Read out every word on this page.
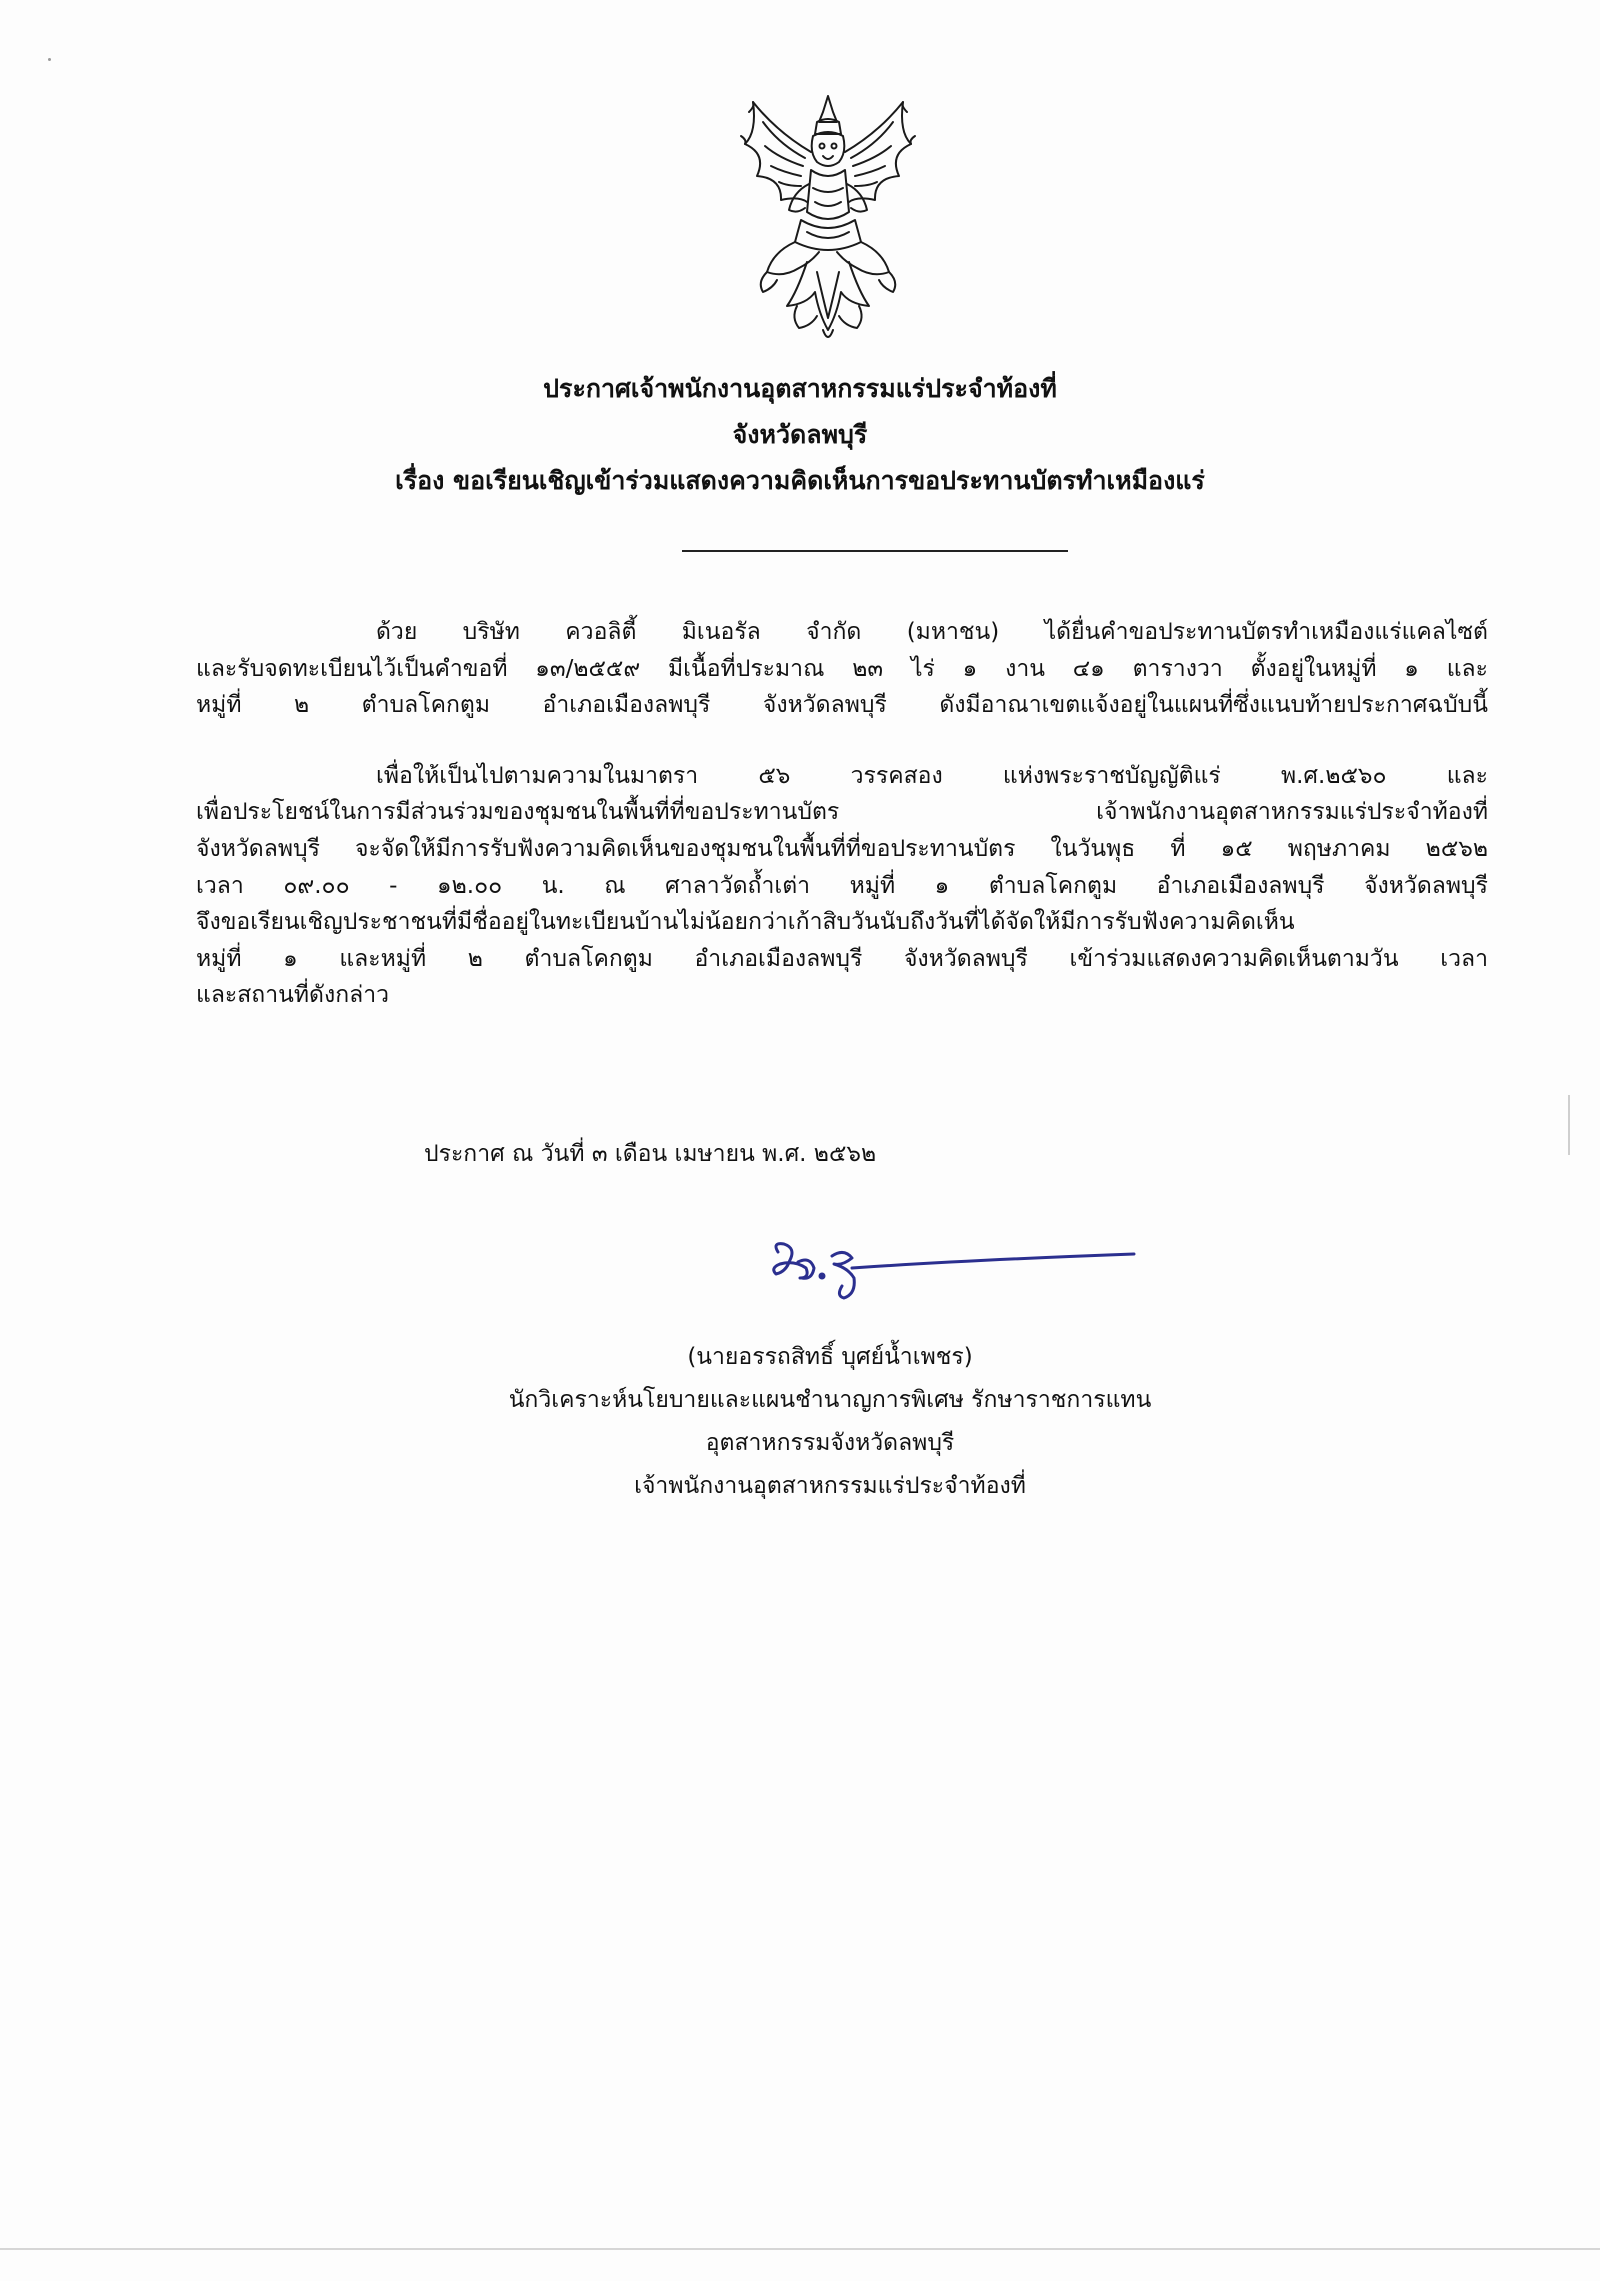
ประกาศเจ้าพนักงานอุตสาหกรรมแร่ประจำท้องที่
จังหวัดลพบุรี
เรื่อง ขอเรียนเชิญเข้าร่วมแสดงความคิดเห็นการขอประทานบัตรทำเหมืองแร่
ด้วย บริษัท ควอลิตี้ มิเนอรัล จำกัด (มหาชน) ได้ยื่นคำขอประทานบัตรทำเหมืองแร่แคลไซต์
และรับจดทะเบียนไว้เป็นคำขอที่ ๑๓/๒๕๕๙ มีเนื้อที่ประมาณ ๒๓ ไร่ ๑ งาน ๔๑ ตารางวา ตั้งอยู่ในหมู่ที่ ๑ และ
หมู่ที่ ๒ ตำบลโคกตูม อำเภอเมืองลพบุรี จังหวัดลพบุรี ดังมีอาณาเขตแจ้งอยู่ในแผนที่ซึ่งแนบท้ายประกาศฉบับนี้
เพื่อให้เป็นไปตามความในมาตรา ๕๖ วรรคสอง แห่งพระราชบัญญัติแร่ พ.ศ.๒๕๖๐ และ
เพื่อประโยชน์ในการมีส่วนร่วมของชุมชนในพื้นที่ที่ขอประทานบัตร เจ้าพนักงานอุตสาหกรรมแร่ประจำท้องที่
จังหวัดลพบุรี จะจัดให้มีการรับฟังความคิดเห็นของชุมชนในพื้นที่ที่ขอประทานบัตร ในวันพุธ ที่ ๑๕ พฤษภาคม ๒๕๖๒
เวลา ๐๙.๐๐ - ๑๒.๐๐ น. ณ ศาลาวัดถ้ำเต่า หมู่ที่ ๑ ตำบลโคกตูม อำเภอเมืองลพบุรี จังหวัดลพบุรี
จึงขอเรียนเชิญประชาชนที่มีชื่ออยู่ในทะเบียนบ้านไม่น้อยกว่าเก้าสิบวันนับถึงวันที่ได้จัดให้มีการรับฟังความคิดเห็น
หมู่ที่ ๑ และหมู่ที่ ๒ ตำบลโคกตูม อำเภอเมืองลพบุรี จังหวัดลพบุรี เข้าร่วมแสดงความคิดเห็นตามวัน เวลา
และสถานที่ดังกล่าว
ประกาศ ณ วันที่ ๓ เดือน เมษายน พ.ศ. ๒๕๖๒
(นายอรรถสิทธิ์ บุศย์น้ำเพชร)
นักวิเคราะห์นโยบายและแผนชำนาญการพิเศษ รักษาราชการแทน
อุตสาหกรรมจังหวัดลพบุรี
เจ้าพนักงานอุตสาหกรรมแร่ประจำท้องที่
